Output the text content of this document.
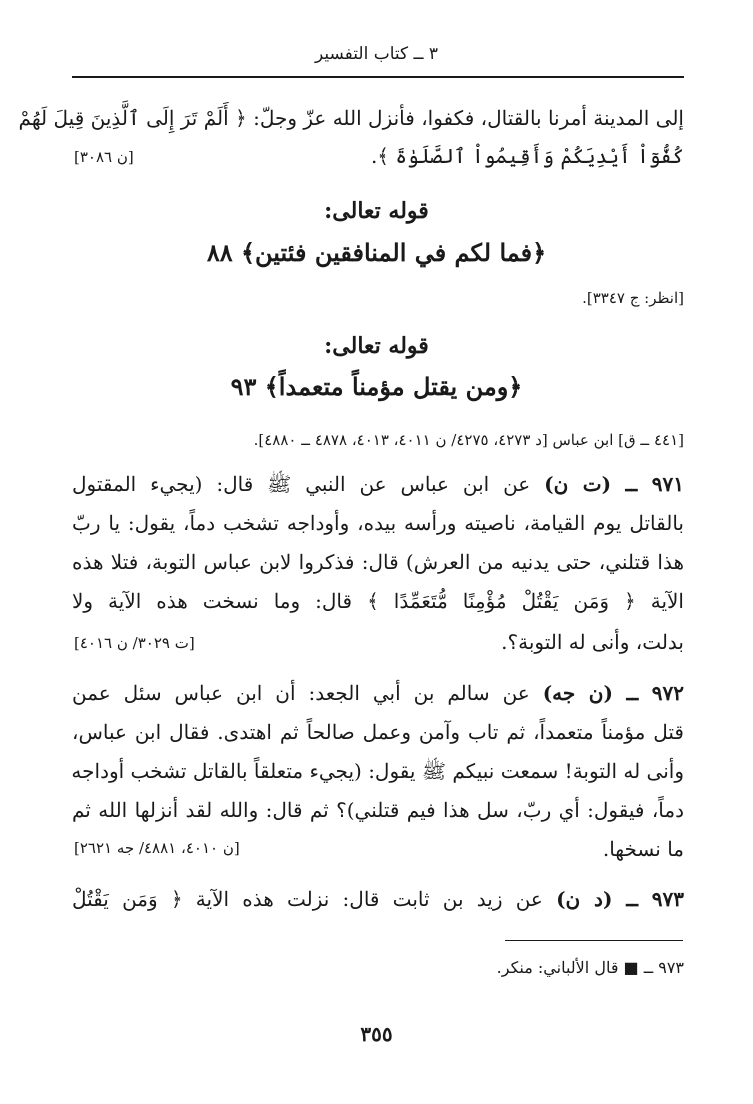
٣ ــ كتاب التفسير
إلى المدينة أمرنا بالقتال، فكفوا، فأنزل الله عزّ وجلّ: ﴿ أَلَمْ تَرَ إِلَى ٱلَّذِينَ قِيلَ لَهُمْ
كُفُّوٓاْ أَيْدِيَكُمْ وَأَقِيمُواْ ٱلصَّلَوٰةَ ﴾.
[ن ٣٠٨٦]
قوله تعالى:
﴿فما لكم في المنافقين فئتين﴾ ٨٨
[انظر: ج ٣٣٤٧].
قوله تعالى:
﴿ومن يقتل مؤمناً متعمداً﴾ ٩٣
[٤٤١ ــ ق] ابن عباس [د ٤٢٧٣، ٤٢٧٥/ ن ٤٠١١، ٤٠١٣، ٤٨٧٨ ــ ٤٨٨٠].
٩٧١ ــ (ت ن) عن ابن عباس عن النبي ﷺ قال: (يجيء المقتول
بالقاتل يوم القيامة، ناصيته ورأسه بيده، وأوداجه تشخب دماً، يقول: يا ربّ
هذا قتلني، حتى يدنيه من العرش) قال: فذكروا لابن عباس التوبة، فتلا هذه
الآية ﴿ وَمَن يَقْتُلْ مُؤْمِنًا مُّتَعَمِّدًا ﴾ قال: وما نسخت هذه الآية ولا
بدلت، وأنى له التوبة؟.
[ت ٣٠٢٩/ ن ٤٠١٦]
٩٧٢ ــ (ن جه) عن سالم بن أبي الجعد: أن ابن عباس سئل عمن
قتل مؤمناً متعمداً، ثم تاب وآمن وعمل صالحاً ثم اهتدى. فقال ابن عباس،
وأنى له التوبة! سمعت نبيكم ﷺ يقول: (يجيء متعلقاً بالقاتل تشخب أوداجه
دماً، فيقول: أي ربّ، سل هذا فيم قتلني)؟ ثم قال: والله لقد أنزلها الله ثم
ما نسخها.
[ن ٤٠١٠، ٤٨٨١/ جه ٢٦٢١]
٩٧٣ ــ (د ن) عن زيد بن ثابت قال: نزلت هذه الآية ﴿ وَمَن يَقْتُلْ
٩٧٣ ــ ■ قال الألباني: منكر.
٣٥٥
